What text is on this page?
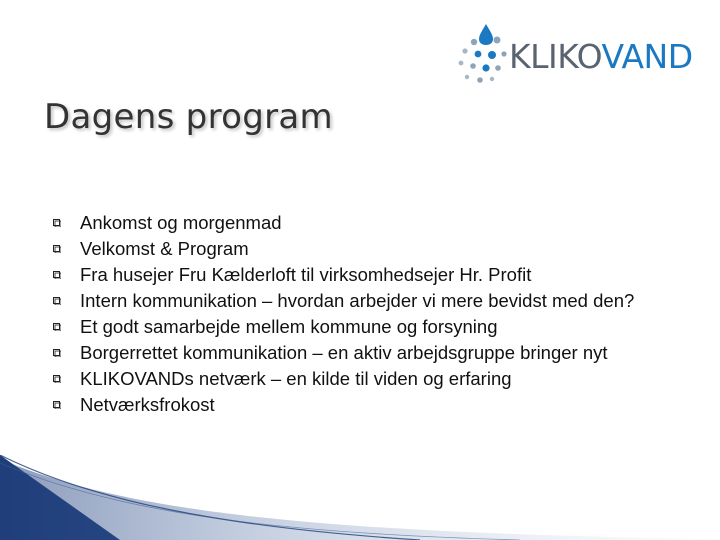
KLIKOVAND
Dagens program
Ankomst og morgenmad
Velkomst & Program
Fra husejer Fru Kælderloft til virksomhedsejer Hr. Profit
Intern kommunikation – hvordan arbejder vi mere bevidst med den?
Et godt samarbejde mellem kommune og forsyning
Borgerrettet kommunikation – en aktiv arbejdsgruppe bringer nyt
KLIKOVANDs netværk – en kilde til viden og erfaring
Netværksfrokost
